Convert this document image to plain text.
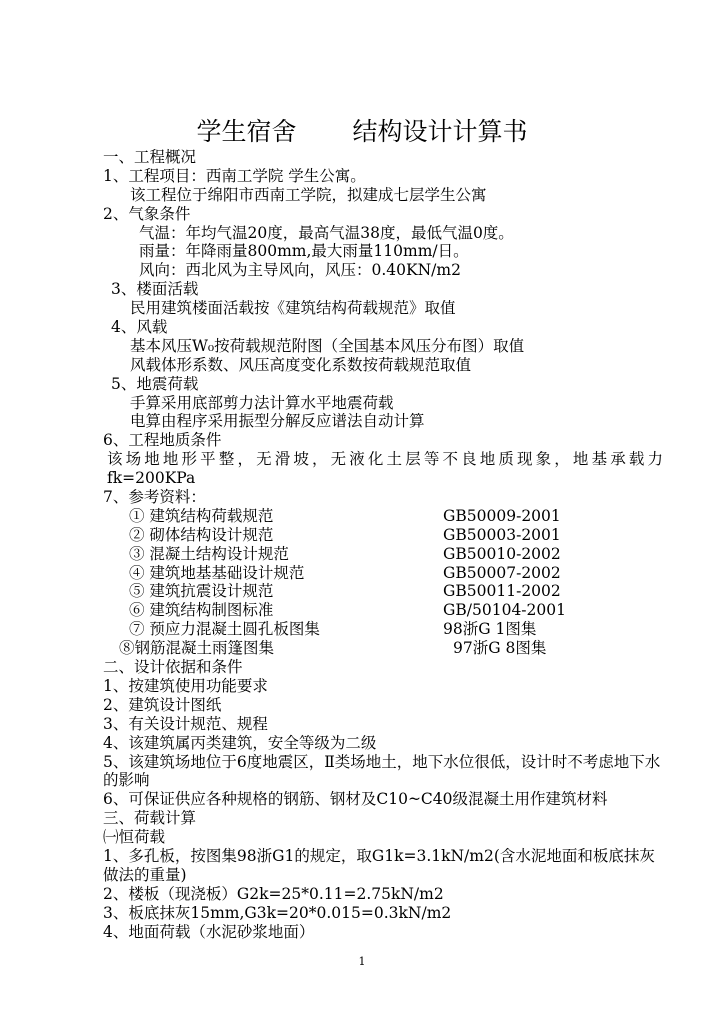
学生宿舍 结构设计计算书
一、工程概况
1、工程项目：西南工学院 学生公寓。
该工程位于绵阳市西南工学院，拟建成七层学生公寓
2、气象条件
气温：年均气温20度，最高气温38度，最低气温0度。
雨量：年降雨量800mm,最大雨量110mm/日。
风向：西北风为主导风向，风压：0.40KN/m2
3、楼面活载
民用建筑楼面活载按《建筑结构荷载规范》取值
4、风载
基本风压W₀按荷载规范附图（全国基本风压分布图）取值
风载体形系数、风压高度变化系数按荷载规范取值
5、地震荷载
手算采用底部剪力法计算水平地震荷载
电算由程序采用振型分解反应谱法自动计算
6、工程地质条件
该场地地形平整，无滑坡，无液化土层等不良地质现象，地基承载力
fk=200KPa
7、参考资料：
① 建筑结构荷载规范	GB50009-2001
② 砌体结构设计规范	GB50003-2001
③ 混凝土结构设计规范	GB50010-2002
④ 建筑地基基础设计规范	GB50007-2002
⑤ 建筑抗震设计规范	GB50011-2002
⑥ 建筑结构制图标准	GB/50104-2001
⑦ 预应力混凝土圆孔板图集	98浙G 1图集
⑧钢筋混凝土雨篷图集	97浙G 8图集
二、设计依据和条件
1、按建筑使用功能要求
2、建筑设计图纸
3、有关设计规范、规程
4、该建筑属丙类建筑，安全等级为二级
5、该建筑场地位于6度地震区，Ⅱ类场地土，地下水位很低，设计时不考虑地下水的影响
6、可保证供应各种规格的钢筋、钢材及C10~C40级混凝土用作建筑材料
三、荷载计算
㈠恒荷载
1、多孔板，按图集98浙G1的规定，取G1k=3.1kN/m2(含水泥地面和板底抹灰做法的重量)
2、楼板（现浇板）G2k=25*0.11=2.75kN/m2
3、板底抹灰15mm,G3k=20*0.015=0.3kN/m2
4、地面荷载（水泥砂浆地面）
1
